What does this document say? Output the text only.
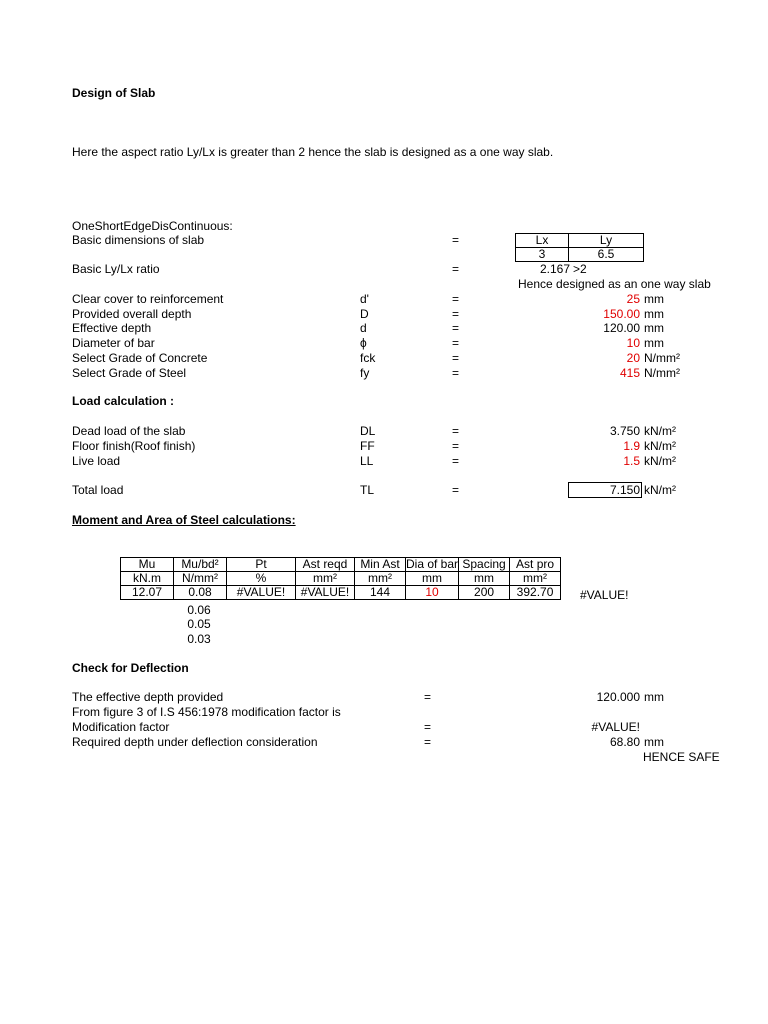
Design of Slab
Here the aspect ratio Ly/Lx is greater than 2 hence the slab is designed as a one way slab.
OneShortEdgeDisContinuous:
Basic dimensions of slab	=	Lx	Ly
3	6.5
Basic Ly/Lx ratio	=	2.167 >2
Hence designed as an one way slab
Clear cover to reinforcement	d'	=	25 mm
Provided overall depth	D	=	150.00 mm
Effective depth	d	=	120.00 mm
Diameter of bar	ϕ	=	10 mm
Select Grade of Concrete	fck	=	20 N/mm²
Select Grade of Steel	fy	=	415 N/mm²
Load calculation :
Dead load of the slab	DL	=	3.750 kN/m²
Floor finish(Roof finish)	FF	=	1.9 kN/m²
Live load	LL	=	1.5 kN/m²
Total load	TL	=	7.150 kN/m²
Moment and Area of Steel calculations:
Mu	Mu/bd²	Pt	Ast reqd	Min Ast	Dia of bar	Spacing	Ast pro
kN.m	N/mm²	%	mm²	mm²	mm	mm	mm²
12.07	0.08	#VALUE!	#VALUE!	144	10	200	392.70 #VALUE!
0.06
0.05
0.03
Check for Deflection
The effective depth provided	=	120.000 mm
From figure 3 of I.S 456:1978 modification factor is
Modification factor	=	#VALUE!
Required depth under deflection consideration	=	68.80 mm
HENCE SAFE
